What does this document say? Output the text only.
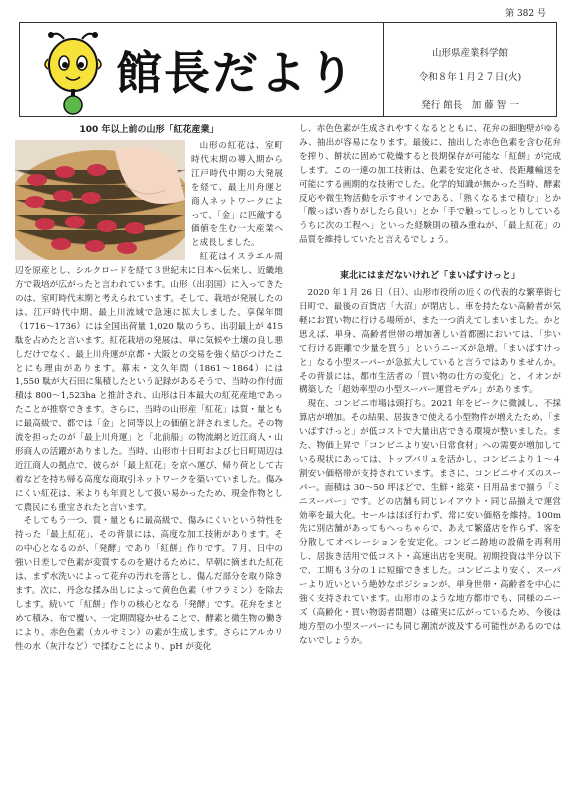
第 382 号
館長だより	山形県産業科学館
令和８年１月２７日(火)
発行 館長　加 藤 智 一
100 年以上前の山形「紅花産業」

山形の紅花は、室町時代末期の導入期から江戸時代中期の大発展を経て、最上川舟運と商人ネットワークによって、「金」に匹敵する価値を生む一大産業へと成長しました。

紅花はイスラエル周辺を原産とし、シルクロードを経て３世紀末に日本へ伝来し、近畿地方で栽培が広がったと言われています。山形（出羽国）に入ってきたのは、室町時代末期と考えられています。そして、栽培が発展したのは、江戸時代中期、最上川流域で急速に拡大しました。享保年間（1716～1736）には全国出荷量 1,020 駄のうち、出羽最上が 415 駄を占めたと言います。紅花栽培の発展は、単に気候や土壌の良し悪しだけでなく、最上川舟運が京都・大阪との交易を強く結びつけたことにも理由があります。幕末・文久年間（1861～1864）には 1,550 駄が大石田に集積したという記録があるそうで、当時の作付面積は 800～1,523ha と推計され、山形は日本最大の紅花産地であったことが推察できます。さらに、当時の山形産「紅花」は質・量ともに最高級で、都では「金」と同等以上の価値と評されました。その物流を担ったのが「最上川舟運」と「北前船」の物流網と近江商人・山形商人の活躍がありました。当時、山形市十日町および七日町周辺は近江商人の拠点で、彼らが「最上紅花」を京へ運び、帰り荷として古着などを持ち帰る高度な商取引ネットワークを築いていました。傷みにくい紅花は、米よりも年貢として扱い易かったため、現金作物として農民にも重宝されたと言います。

そしてもう一つ、質・量ともに最高級で、傷みにくいという特性を持った「最上紅花」、その背景には、高度な加工技術があります。その中心となるのが、「発酵」であり「紅餅」作りです。７月、日中の強い日差しで色素が変質するのを避けるために、早朝に摘まれた紅花は、まず水洗いによって花弁の汚れを落とし、傷んだ部分を取り除きます。次に、丹念な揉み出しによって黄色色素（サフラミン）を除去します。続いて「紅餅」作りの核心となる「発酵」です。花弁をまとめて積み、布で覆い、一定期間寝かせることで、酵素と微生物の働きにより、赤色色素（カルサミン）の素が生成します。さらにアルカリ性の水（灰汁など）で揉むことにより、pH が変化

し、赤色色素が生成されやすくなるとともに、花弁の細胞壁がゆるみ、抽出が容易になります。最後に、抽出した赤色色素を含む花弁を搾り、餅状に固めて乾燥すると長期保存が可能な「紅餅」が完成します。この一連の加工技術は、色素を安定化させ、長距離輸送を可能にする画期的な技術でした。化学的知識が無かった当時、酵素反応や微生物活動を示すサインである、「熟くなるまで積む」とか「酸っぱい香りがしたら良い」とか「手で触ってしっとりしているうちに次の工程へ」といった経験則の積み重ねが、「最上紅花」の品質を維持していたと言えるでしょう。

東北にはまだないけれど「まいばすけっと」

2020 年１月 26 日（日）、山形市役所の近くの代表的な繁華街七日町で、最後の百貨店「大沼」が閉店し、車を持たない高齢者が気軽にお買い物に行ける場所が、また一つ消えてしまいました。かと思えば、単身、高齢者世帯の増加著しい首都圏においては、「歩いて行ける距離で少量を買う」というニーズが急増。「まいばすけっと」なる小型スーパーが急拡大していると言うではありませんか。その背景には、都市生活者の「買い物の仕方の変化」と、イオンが構築した「超効率型の小型スーパー運営モデル」があります。

現在、コンビニ市場は頭打ち。2021 年をピークに微減し、不採算店が増加。その結果、居抜きで使える小型物件が増えたため、「まいばすけっと」が低コストで大量出店できる環境が整いました。また、物価上昇で「コンビニより安い日常食材」への需要が増加している現状にあっては、トップバリュを活かし、コンビニより１～４割安い価格帯が支持されています。まさに、コンビニサイズのスーパー。面積は 30～50 坪ほどで、生鮮・総菜・日用品まで揃う「ミニスーパー」です。どの店舗も同じレイアウト・同じ品揃えで運営効率を最大化。セールはほぼ行わず、常に安い価格を維持。100m 先に別店舗があってもへっちゃらで、あえて繁盛店を作らず、客を分散してオペレーションを安定化。コンビニ跡地の設備を再利用し、居抜き活用で低コスト・高速出店を実現。初期投資は半分以下で、工期も３分の１に短縮できました。コンビニより安く、スーパーより近いという絶妙なポジションが、単身世帯・高齢者を中心に強く支持されています。山形市のような地方都市でも、同様のニーズ（高齢化・買い物弱者問題）は確実に広がっているため、今後は地方型の小型スーパーにも同じ潮流が波及する可能性があるのではないでしょうか。
